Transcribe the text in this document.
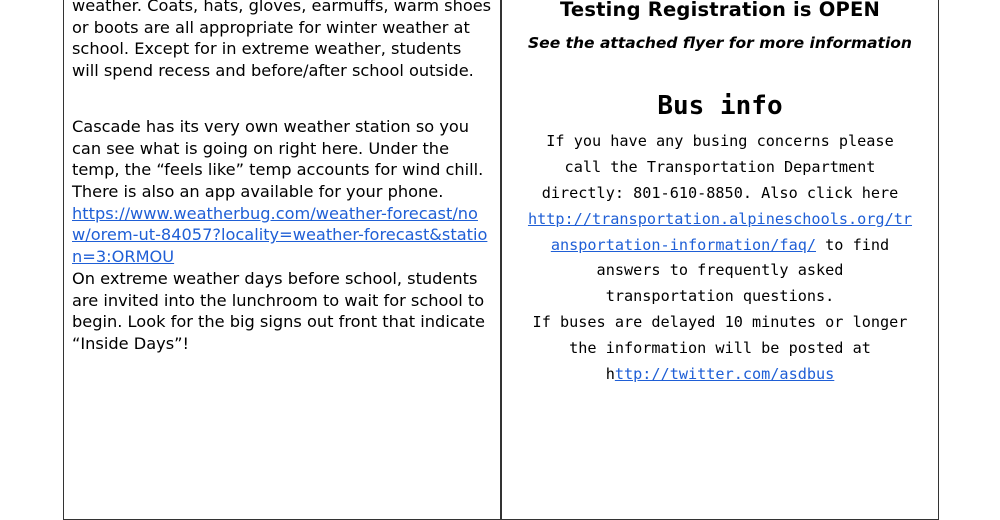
weather. Coats, hats, gloves, earmuffs, warm shoes
or boots are all appropriate for winter weather at
school. Except for in extreme weather, students
will spend recess and before/after school outside.
Cascade has its very own weather station so you
can see what is going on right here. Under the
temp, the “feels like” temp accounts for wind chill.
There is also an app available for your phone.
https://www.weatherbug.com/weather-forecast/no
w/orem-ut-84057?locality=weather-forecast&statio
n=3:ORMOU
On extreme weather days before school, students
are invited into the lunchroom to wait for school to
begin. Look for the big signs out front that indicate
“Inside Days”!
Testing Registration is OPEN
See the attached flyer for more information
Bus info
If you have any busing concerns please
call the Transportation Department
directly: 801-610-8850. Also click here
http://transportation.alpineschools.org/tr
ansportation-information/faq/ to find
answers to frequently asked
transportation questions.
If buses are delayed 10 minutes or longer
the information will be posted at
http://twitter.com/asdbus
